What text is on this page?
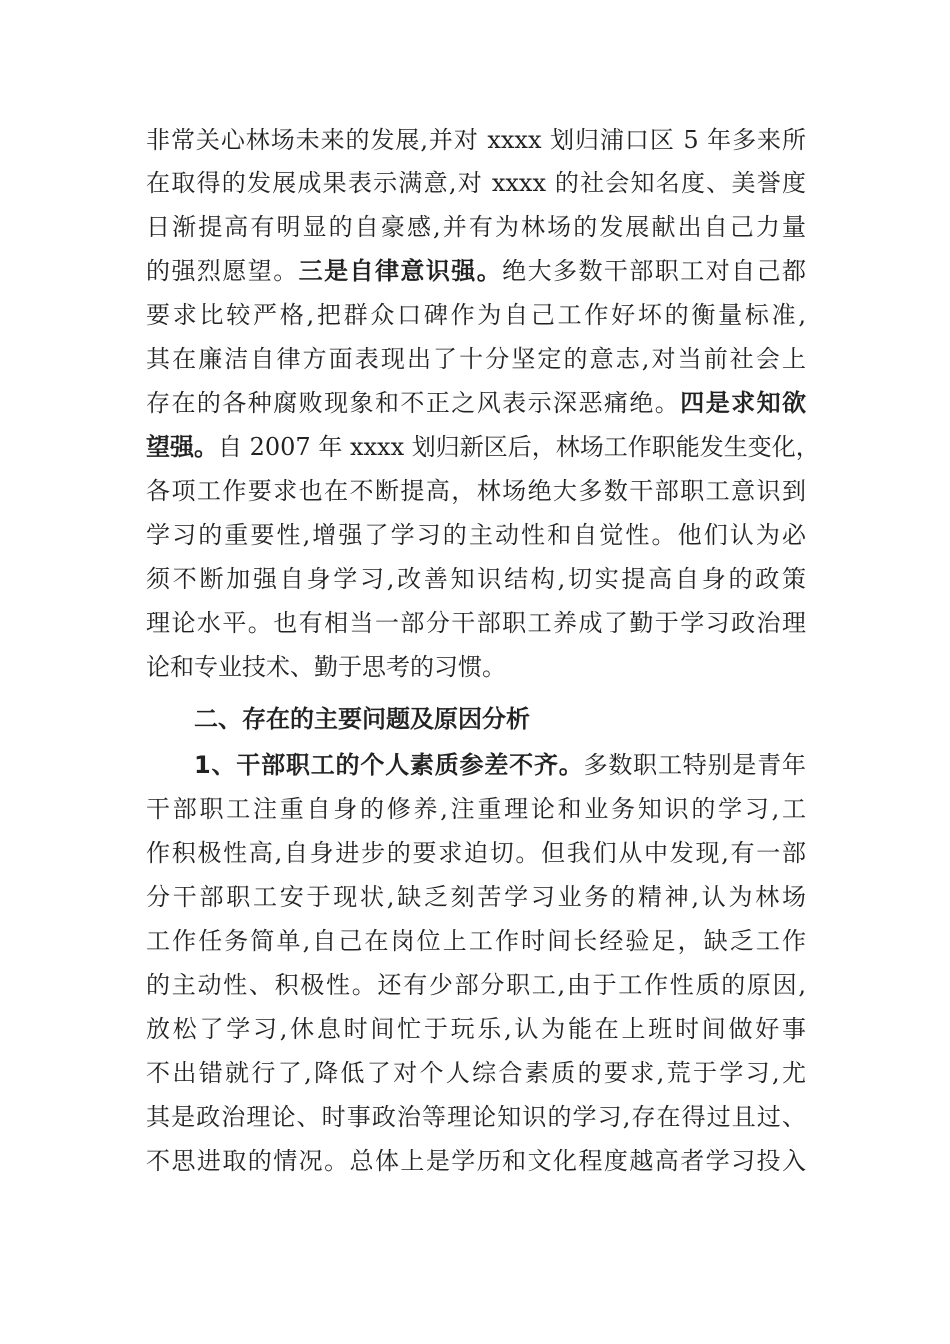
非常关心林场未来的发展,并对 xxxx 划归浦口区 5 年多来所
在取得的发展成果表示满意,对 xxxx 的社会知名度、美誉度
日渐提高有明显的自豪感,并有为林场的发展献出自己力量
的强烈愿望。三是自律意识强。绝大多数干部职工对自己都
要求比较严格,把群众口碑作为自己工作好坏的衡量标准,
其在廉洁自律方面表现出了十分坚定的意志,对当前社会上
存在的各种腐败现象和不正之风表示深恶痛绝。四是求知欲
望强。自 2007 年 xxxx 划归新区后，林场工作职能发生变化，
各项工作要求也在不断提高，林场绝大多数干部职工意识到
学习的重要性,增强了学习的主动性和自觉性。他们认为必
须不断加强自身学习,改善知识结构,切实提高自身的政策
理论水平。也有相当一部分干部职工养成了勤于学习政治理
论和专业技术、勤于思考的习惯。
二、存在的主要问题及原因分析
1、干部职工的个人素质参差不齐。多数职工特别是青年
干部职工注重自身的修养,注重理论和业务知识的学习,工
作积极性高,自身进步的要求迫切。但我们从中发现,有一部
分干部职工安于现状,缺乏刻苦学习业务的精神,认为林场
工作任务简单,自己在岗位上工作时间长经验足，缺乏工作
的主动性、积极性。还有少部分职工,由于工作性质的原因,
放松了学习,休息时间忙于玩乐,认为能在上班时间做好事
不出错就行了,降低了对个人综合素质的要求,荒于学习,尤
其是政治理论、时事政治等理论知识的学习,存在得过且过、
不思进取的情况。总体上是学历和文化程度越高者学习投入
